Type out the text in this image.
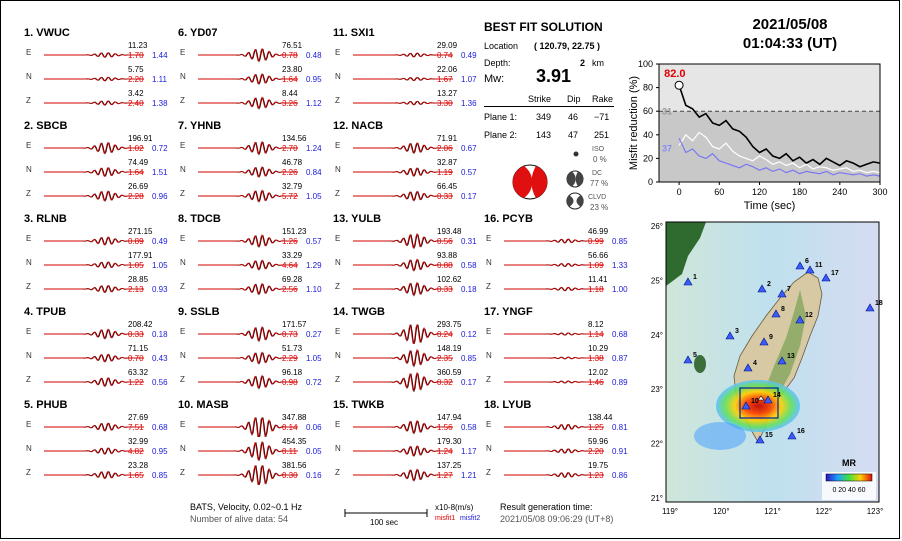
1. VWUC
E
11.23
1.70 1.44
N
5.75
2.20 1.11
Z
3.42
2.40 1.38
2. SBCB
E
196.91
1.02 0.72
N
74.49
1.64 1.51
Z
26.69
2.28 0.96
3. RLNB
E
271.15
0.89 0.49
N
177.91
1.05 1.05
Z
28.85
2.13 0.93
4. TPUB
E
208.42
0.33 0.18
N
71.15
0.70 0.43
Z
63.32
1.22 0.56
5. PHUB
E
27.69
7.51 0.68
N
32.99
4.82 0.95
Z
23.28
1.65 0.85
6. YD07
E
76.51
0.78 0.48
N
23.80
1.64 0.95
Z
8.44
3.26 1.12
7. YHNB
E
134.56
2.70 1.24
N
46.78
2.26 0.84
Z
32.79
5.72 1.05
8. TDCB
E
151.23
1.26 0.57
N
33.29
4.64 1.29
Z
69.28
2.56 1.10
9. SSLB
E
171.57
0.73 0.27
N
51.73
2.29 1.05
Z
96.18
0.98 0.72
10. MASB
E
347.88
0.14 0.06
N
454.35
0.11 0.05
Z
381.56
0.30 0.16
11. SXI1
E
29.09
0.74 0.49
N
22.06
1.67 1.07
Z
13.27
3.30 1.36
12. NACB
E
71.91
2.06 0.67
N
32.87
1.19 0.57
Z
66.45
0.33 0.17
13. YULB
E
193.48
0.56 0.31
N
93.88
0.88 0.58
Z
102.62
0.33 0.18
14. TWGB
E
293.75
0.24 0.12
N
148.19
2.35 0.85
Z
360.59
0.32 0.17
15. TWKB
E
147.94
1.56 0.58
N
179.30
1.24 1.17
Z
137.25
1.27 1.21
16. PCYB
E
46.99
0.99 0.85
N
56.66
1.09 1.33
Z
11.41
1.18 1.00
17. YNGF
E
8.12
1.14 0.68
N
10.29
1.38 0.87
Z
12.02
1.46 0.89
18. LYUB
E
138.44
1.25 0.81
N
59.96
2.20 0.91
Z
19.75
1.23 0.86
BEST FIT SOLUTION
Location ( 120.79, 22.75 )
Depth:	2 km
Mw: 3.91
Strike Dip Rake
Plane 1: 349 46 −71
Plane 2: 143 47 251
ISO
0 %
DC
77 %
CLVD
23 %
2021/05/08
01:04:33 (UT)
0
20
40
60
80
100
0	60	120	180	240	300
82.0
31
37
Time (sec)
Misfit reduction (%)
1
2
3
4
5
6
7
8
9
10
11
12
13
14
15
16
17
18
26°
25°
24°
23°
22°
21°
119°	120°	121°	122°	123°
MR
0 20 40 60
BATS, Velocity, 0.02~0.1 Hz
Number of alive data: 54	100 sec
x10-8(m/s)
misfit1 misfit2
Result generation time:
2021/05/08 09:06:29 (UT+8)
